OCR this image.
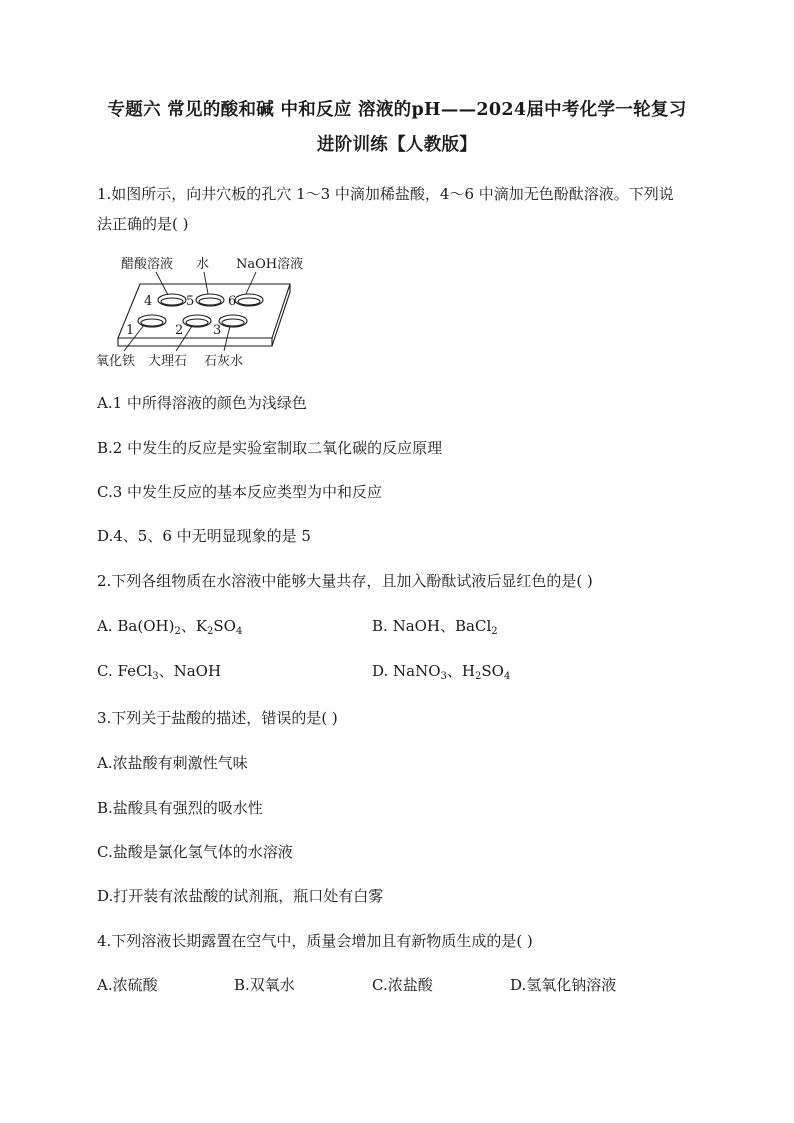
专题六 常见的酸和碱 中和反应 溶液的pH——2024届中考化学一轮复习
进阶训练【人教版】
1.如图所示，向井穴板的孔穴 1～3 中滴加稀盐酸，4～6 中滴加无色酚酞溶液。下列说
法正确的是( )
4	5	6
1	2 3
醋酸溶液 水 NaOH溶液
氧化铁 大理石 石灰水
A.1 中所得溶液的颜色为浅绿色
B.2 中发生的反应是实验室制取二氧化碳的反应原理
C.3 中发生反应的基本反应类型为中和反应
D.4、5、6 中无明显现象的是 5
2.下列各组物质在水溶液中能够大量共存，且加入酚酞试液后显红色的是( )
A. $Ba(OH)_2$、$K_2SO_4$	B. NaOH、BaCl$_2$
C. FeCl$_3$、NaOH	D. NaNO$_3$、$H_2SO_4$
3.下列关于盐酸的描述，错误的是( )
A.浓盐酸有刺激性气味
B.盐酸具有强烈的吸水性
C.盐酸是氯化氢气体的水溶液
D.打开装有浓盐酸的试剂瓶，瓶口处有白雾
4.下列溶液长期露置在空气中，质量会增加且有新物质生成的是( )
A.浓硫酸	B.双氧水	C.浓盐酸	D.氢氧化钠溶液
